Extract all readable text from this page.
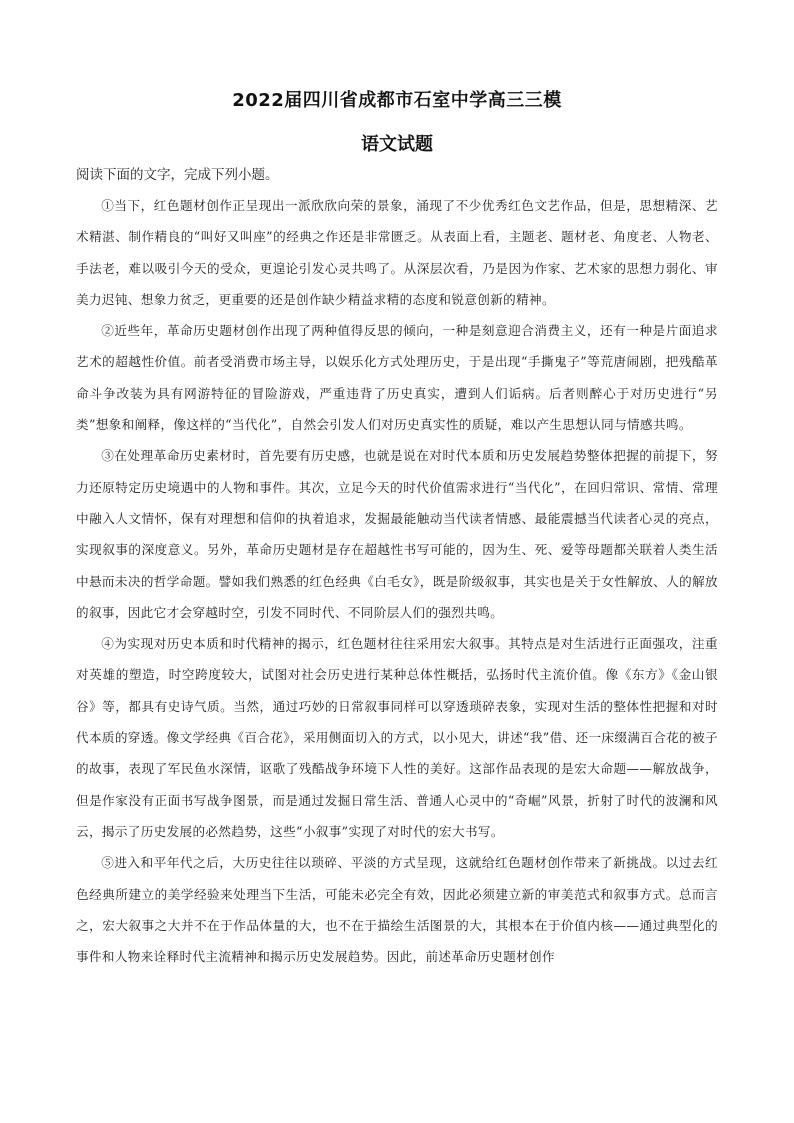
2022届四川省成都市石室中学高三三模
语文试题
阅读下面的文字，完成下列小题。

①当下，红色题材创作正呈现出一派欣欣向荣的景象，涌现了不少优秀红色文艺作品，但是，思想精深、艺术精湛、制作精良的“叫好又叫座”的经典之作还是非常匮乏。从表面上看，主题老、题材老、角度老、人物老、手法老，难以吸引今天的受众，更遑论引发心灵共鸣了。从深层次看，乃是因为作家、艺术家的思想力弱化、审美力迟钝、想象力贫乏，更重要的还是创作缺少精益求精的态度和锐意创新的精神。

②近些年，革命历史题材创作出现了两种值得反思的倾向，一种是刻意迎合消费主义，还有一种是片面追求艺术的超越性价值。前者受消费市场主导，以娱乐化方式处理历史，于是出现“手撕鬼子”等荒唐闹剧，把残酷革命斗争改装为具有网游特征的冒险游戏，严重违背了历史真实，遭到人们诟病。后者则醉心于对历史进行“另类”想象和阐释，像这样的“当代化”，自然会引发人们对历史真实性的质疑，难以产生思想认同与情感共鸣。

③在处理革命历史素材时，首先要有历史感，也就是说在对时代本质和历史发展趋势整体把握的前提下，努力还原特定历史境遇中的人物和事件。其次，立足今天的时代价值需求进行“当代化”，在回归常识、常情、常理中融入人文情怀，保有对理想和信仰的执着追求，发掘最能触动当代读者情感、最能震撼当代读者心灵的亮点，实现叙事的深度意义。另外，革命历史题材是存在超越性书写可能的，因为生、死、爱等母题都关联着人类生活中悬而未决的哲学命题。譬如我们熟悉的红色经典《白毛女》，既是阶级叙事，其实也是关于女性解放、人的解放的叙事，因此它才会穿越时空，引发不同时代、不同阶层人们的强烈共鸣。

④为实现对历史本质和时代精神的揭示，红色题材往往采用宏大叙事。其特点是对生活进行正面强攻，注重对英雄的塑造，时空跨度较大，试图对社会历史进行某种总体性概括，弘扬时代主流价值。像《东方》《金山银谷》等，都具有史诗气质。当然，通过巧妙的日常叙事同样可以穿透琐碎表象，实现对生活的整体性把握和对时代本质的穿透。像文学经典《百合花》，采用侧面切入的方式，以小见大，讲述“我”借、还一床缀满百合花的被子的故事，表现了军民鱼水深情，讴歌了残酷战争环境下人性的美好。这部作品表现的是宏大命题——解放战争，但是作家没有正面书写战争图景，而是通过发掘日常生活、普通人心灵中的“奇崛”风景，折射了时代的波澜和风云，揭示了历史发展的必然趋势，这些“小叙事”实现了对时代的宏大书写。

⑤进入和平年代之后，大历史往往以琐碎、平淡的方式呈现，这就给红色题材创作带来了新挑战。以过去红色经典所建立的美学经验来处理当下生活，可能未必完全有效，因此必须建立新的审美范式和叙事方式。总而言之，宏大叙事之大并不在于作品体量的大，也不在于描绘生活图景的大，其根本在于价值内核——通过典型化的事件和人物来诠释时代主流精神和揭示历史发展趋势。因此，前述革命历史题材创作
